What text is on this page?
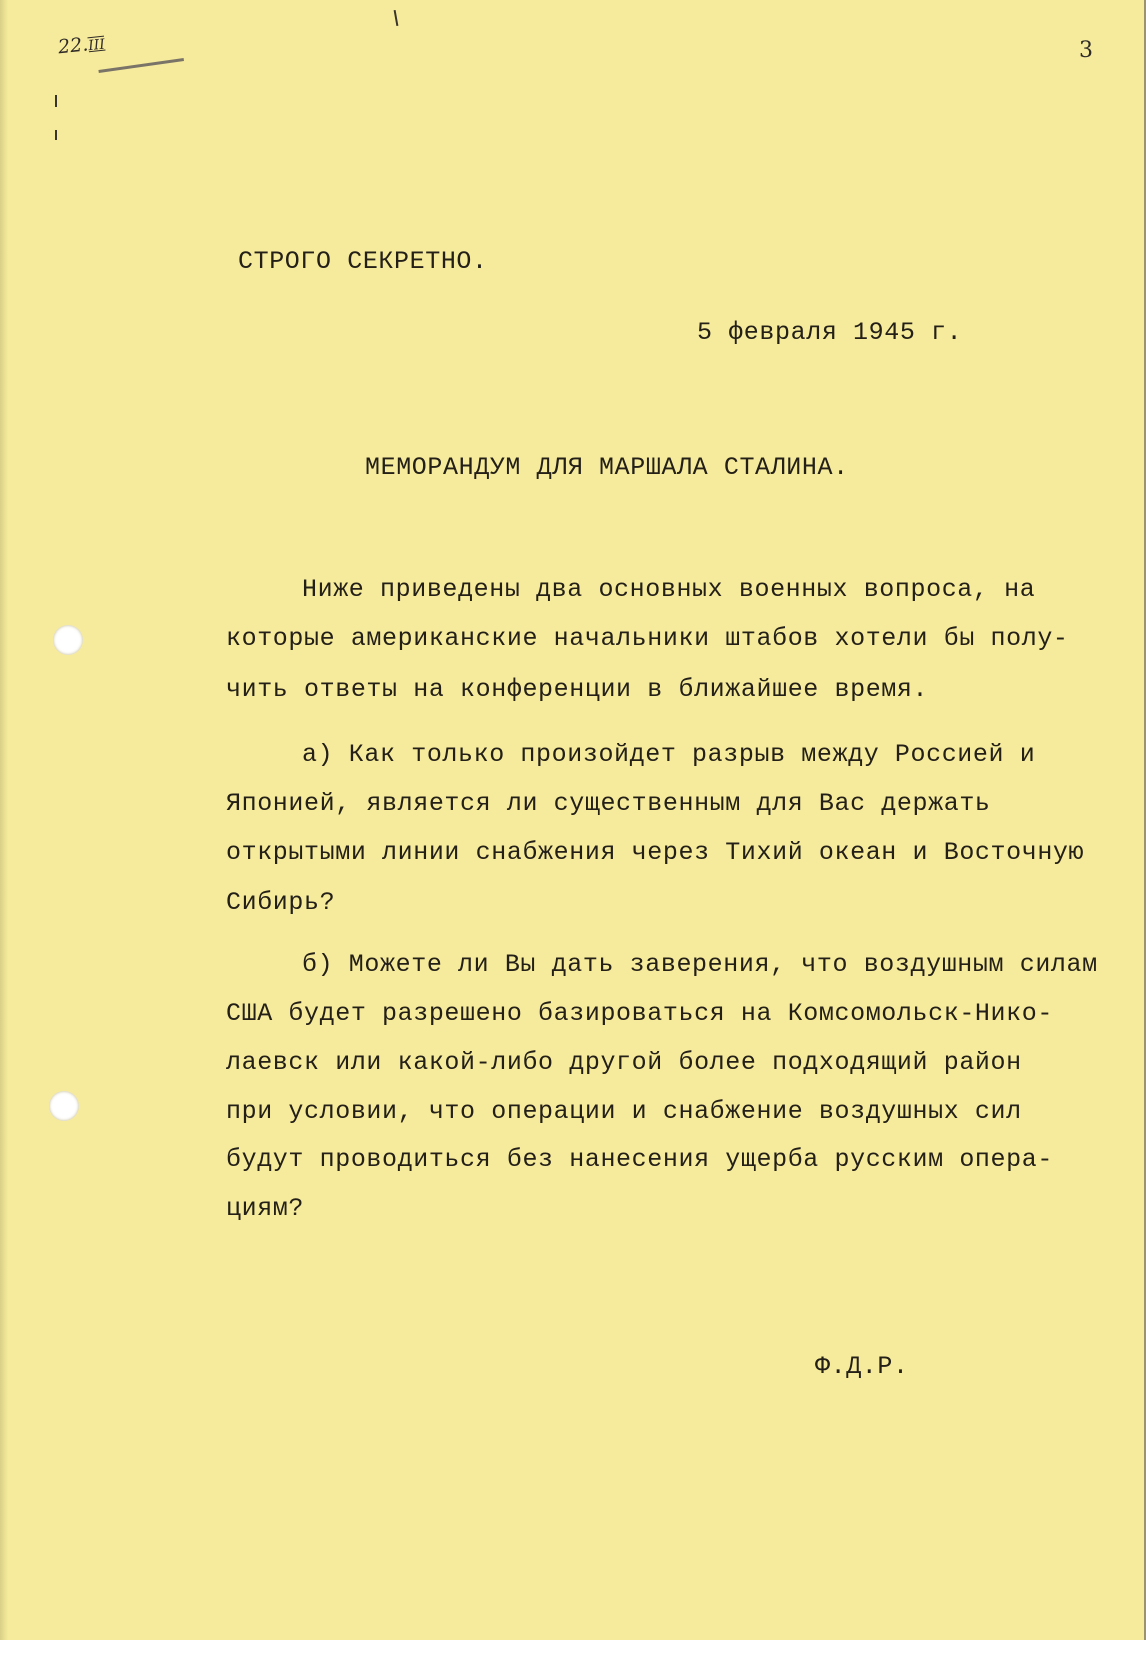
22.III	3
СТРОГО СЕКРЕТНО.
5 февраля 1945 г.
МЕМОРАНДУМ ДЛЯ МАРШАЛА СТАЛИНА.
Ниже приведены два основных военных вопроса, на
которые американские начальники штабов хотели бы полу-
чить ответы на конференции в ближайшее время.
а) Как только произойдет разрыв между Россией и
Японией, является ли существенным для Вас держать
открытыми линии снабжения через Тихий океан и Восточную
Сибирь?
б) Можете ли Вы дать заверения, что воздушным силам
США будет разрешено базироваться на Комсомольск-Нико-
лаевск или какой-либо другой более подходящий район
при условии, что операции и снабжение воздушных сил
будут проводиться без нанесения ущерба русским опера-
циям?
Ф.Д.Р.
